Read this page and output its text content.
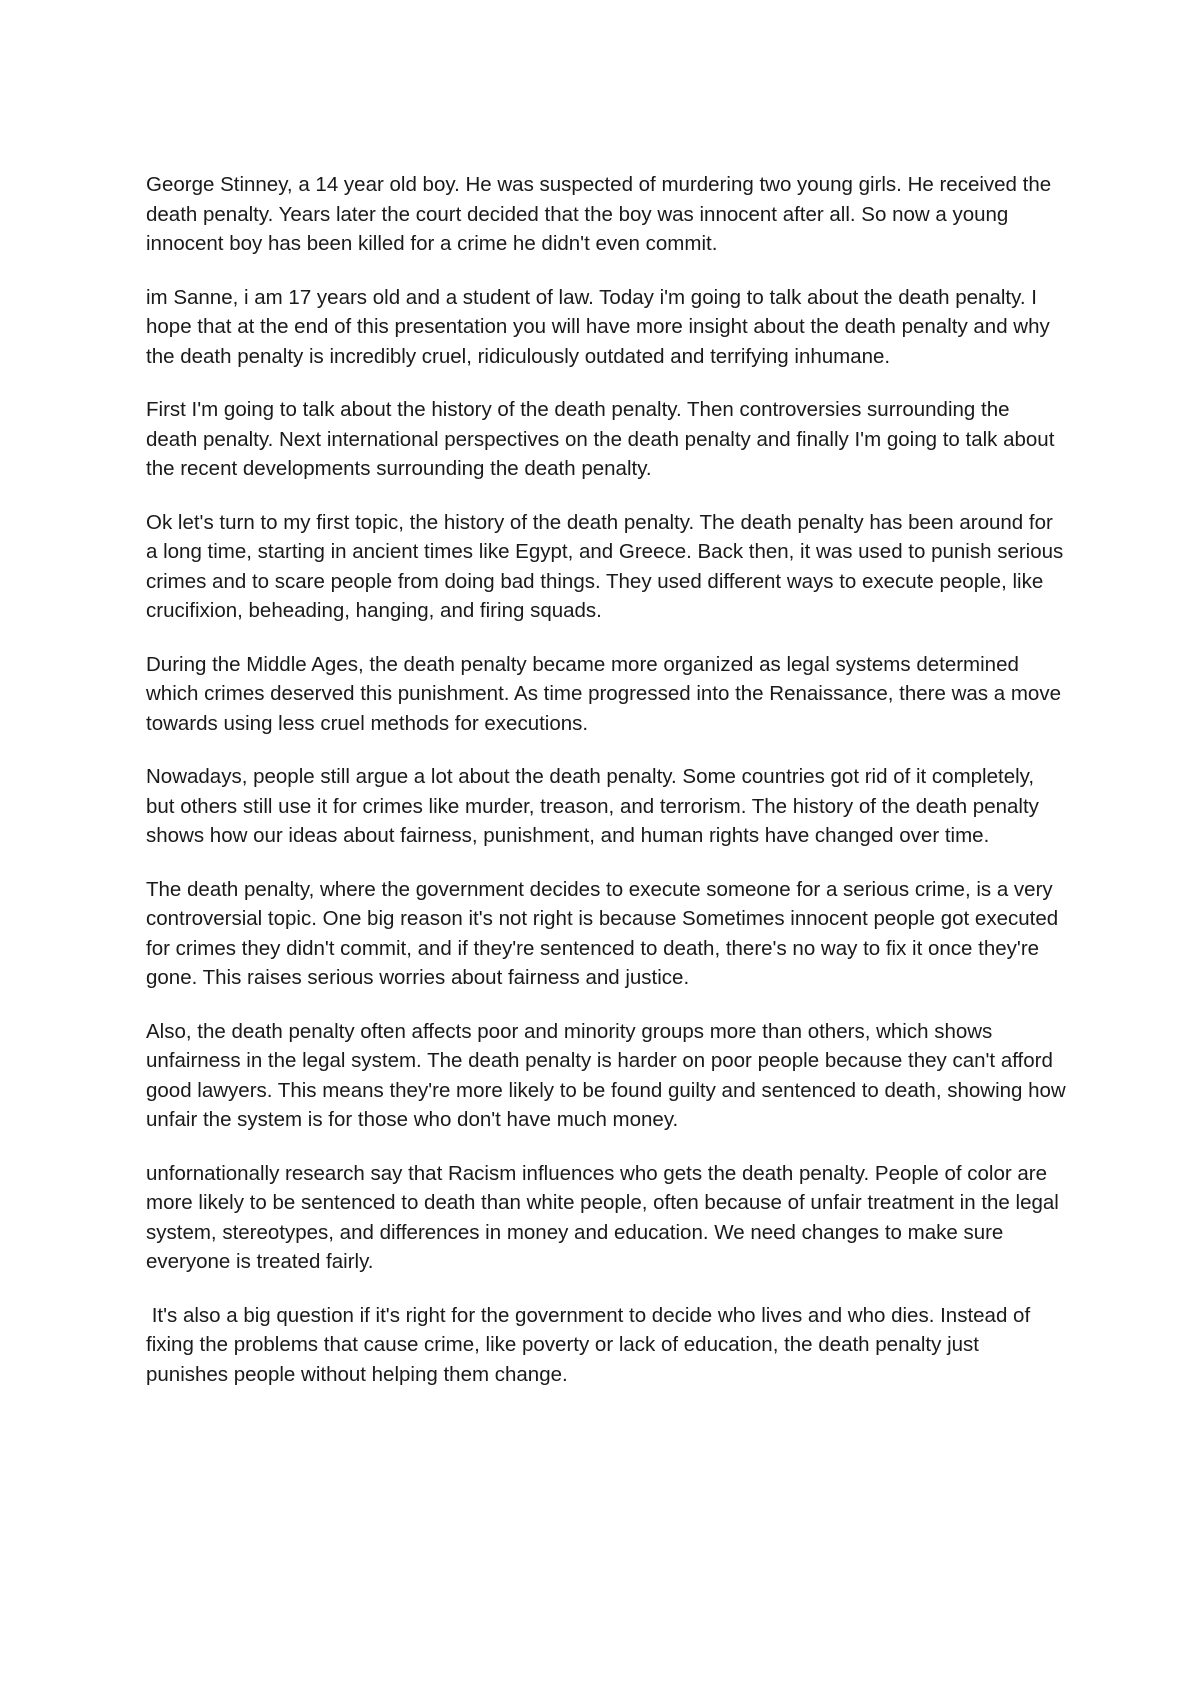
George Stinney, a 14 year old boy. He was suspected of murdering two young girls. He received the death penalty. Years later the court decided that the boy was innocent after all. So now a young innocent boy has been killed for a crime he didn't even commit.

im Sanne, i am 17 years old and a student of law. Today i'm going to talk about the death penalty. I hope that at the end of this presentation you will have more insight about the death penalty and why the death penalty is incredibly cruel, ridiculously outdated and terrifying inhumane.

First I'm going to talk about the history of the death penalty. Then controversies surrounding the death penalty. Next international perspectives on the death penalty and finally I'm going to talk about the recent developments surrounding the death penalty.

Ok let's turn to my first topic, the history of the death penalty. The death penalty has been around for a long time, starting in ancient times like Egypt, and Greece. Back then, it was used to punish serious crimes and to scare people from doing bad things. They used different ways to execute people, like crucifixion, beheading, hanging, and firing squads.

During the Middle Ages, the death penalty became more organized as legal systems determined which crimes deserved this punishment. As time progressed into the Renaissance, there was a move towards using less cruel methods for executions.

Nowadays, people still argue a lot about the death penalty. Some countries got rid of it completely, but others still use it for crimes like murder, treason, and terrorism. The history of the death penalty shows how our ideas about fairness, punishment, and human rights have changed over time.

The death penalty, where the government decides to execute someone for a serious crime, is a very controversial topic. One big reason it's not right is because Sometimes innocent people got executed for crimes they didn't commit, and if they're sentenced to death, there's no way to fix it once they're gone. This raises serious worries about fairness and justice.

Also, the death penalty often affects poor and minority groups more than others, which shows unfairness in the legal system. The death penalty is harder on poor people because they can't afford good lawyers. This means they're more likely to be found guilty and sentenced to death, showing how unfair the system is for those who don't have much money.

unfornationally research say that Racism influences who gets the death penalty. People of color are more likely to be sentenced to death than white people, often because of unfair treatment in the legal system, stereotypes, and differences in money and education. We need changes to make sure everyone is treated fairly.

It's also a big question if it's right for the government to decide who lives and who dies. Instead of fixing the problems that cause crime, like poverty or lack of education, the death penalty just punishes people without helping them change.
